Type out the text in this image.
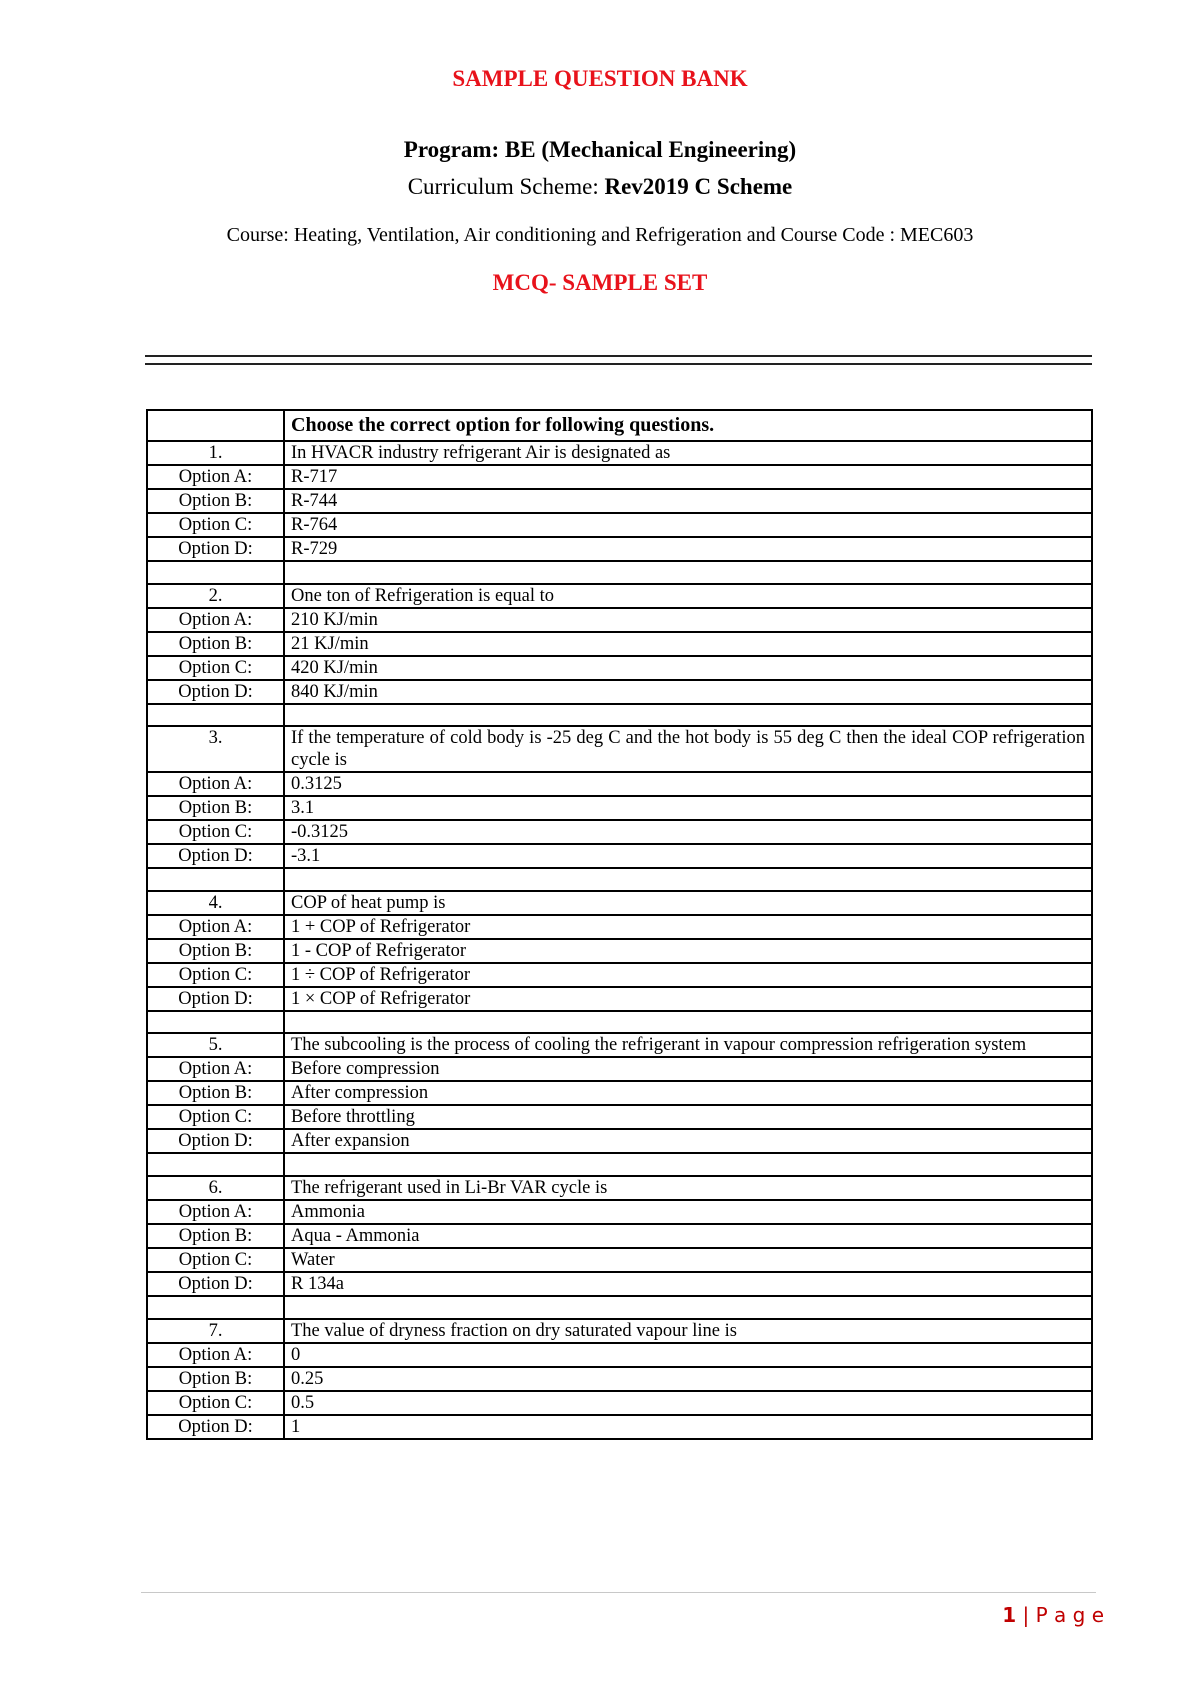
SAMPLE QUESTION BANK
Program: BE (Mechanical Engineering)
Curriculum Scheme: Rev2019 C Scheme
Course: Heating, Ventilation, Air conditioning and Refrigeration and Course Code : MEC603
MCQ- SAMPLE SET
	Choose the correct option for following questions.
1.	In HVACR industry refrigerant Air is designated as
Option A:	R-717
Option B:	R-744
Option C:	R-764
Option D:	R-729

2.	One ton of Refrigeration is equal to
Option A:	210 KJ/min
Option B:	21 KJ/min
Option C:	420 KJ/min
Option D:	840 KJ/min

3.	If the temperature of cold body is -25 deg C and the hot body is 55 deg C then the ideal COP refrigeration cycle is
Option A:	0.3125
Option B:	3.1
Option C:	-0.3125
Option D:	-3.1

4.	COP of heat pump is
Option A:	1 + COP of Refrigerator
Option B:	1 - COP of Refrigerator
Option C:	1 ÷ COP of Refrigerator
Option D:	1 × COP of Refrigerator

5.	The subcooling is the process of cooling the refrigerant in vapour compression refrigeration system
Option A:	Before compression
Option B:	After compression
Option C:	Before throttling
Option D:	After expansion

6.	The refrigerant used in Li-Br VAR cycle is
Option A:	Ammonia
Option B:	Aqua - Ammonia
Option C:	Water
Option D:	R 134a

7.	The value of dryness fraction on dry saturated vapour line is
Option A:	0
Option B:	0.25
Option C:	0.5
Option D:	1
1 | P a g e
